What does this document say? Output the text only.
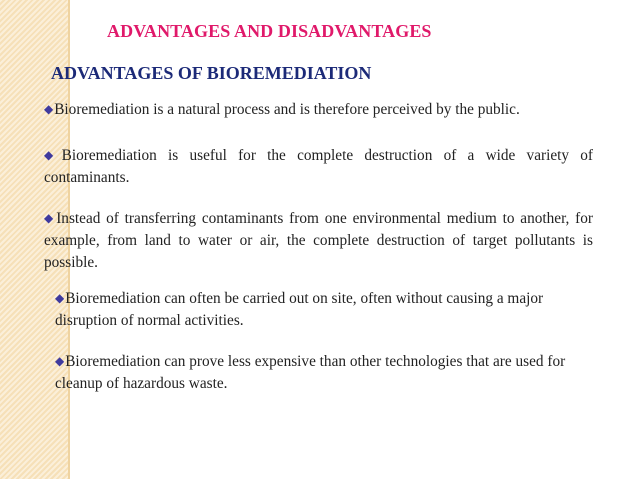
ADVANTAGES AND DISADVANTAGES
ADVANTAGES OF BIOREMEDIATION

◆Bioremediation is a natural process and is therefore perceived by the public.

◆Bioremediation is useful for the complete destruction of a wide variety of contaminants.

◆Instead of transferring contaminants from one environmental medium to another, for example, from land to water or air, the complete destruction of target pollutants is possible.

◆Bioremediation can often be carried out on site, often without causing a major disruption of normal activities.

◆Bioremediation can prove less expensive than other technologies that are used for cleanup of hazardous waste.
